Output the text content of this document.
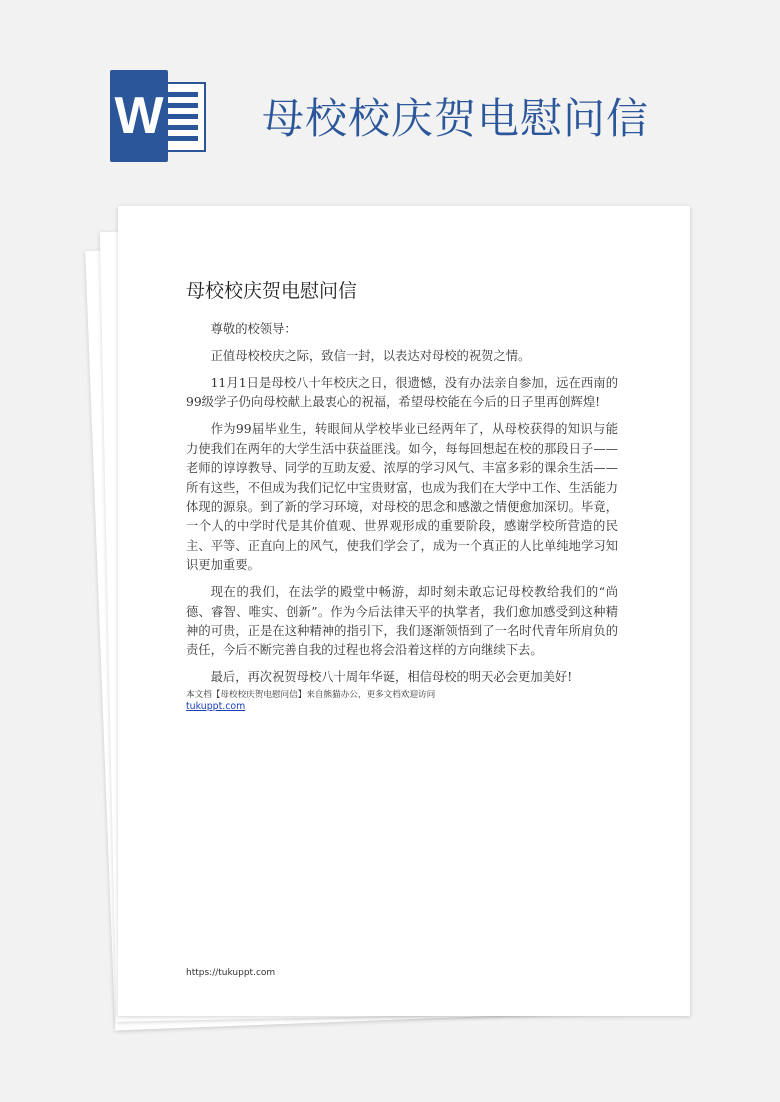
W 母校校庆贺电慰问信
母校校庆贺电慰问信

尊敬的校领导：

正值母校校庆之际，致信一封，以表达对母校的祝贺之情。

11月1日是母校八十年校庆之日，很遗憾，没有办法亲自参加，远在西南的99级学子仍向母校献上最衷心的祝福，希望母校能在今后的日子里再创辉煌!

作为99届毕业生，转眼间从学校毕业已经两年了，从母校获得的知识与能力使我们在两年的大学生活中获益匪浅。如今，每每回想起在校的那段日子——老师的谆谆教导、同学的互助友爱、浓厚的学习风气、丰富多彩的课余生活——所有这些，不但成为我们记忆中宝贵财富，也成为我们在大学中工作、生活能力体现的源泉。到了新的学习环境，对母校的思念和感激之情便愈加深切。毕竟，一个人的中学时代是其价值观、世界观形成的重要阶段，感谢学校所营造的民主、平等、正直向上的风气，使我们学会了，成为一个真正的人比单纯地学习知识更加重要。

现在的我们，在法学的殿堂中畅游，却时刻未敢忘记母校教给我们的“尚德、睿智、唯实、创新”。作为今后法律天平的执掌者，我们愈加感受到这种精神的可贵，正是在这种精神的指引下，我们逐渐领悟到了一名时代青年所肩负的责任，今后不断完善自我的过程也将会沿着这样的方向继续下去。

最后，再次祝贺母校八十周年华诞，相信母校的明天必会更加美好!

本文档【母校校庆贺电慰问信】来自熊猫办公，更多文档欢迎访问
tukuppt.com
https://tukuppt.com
